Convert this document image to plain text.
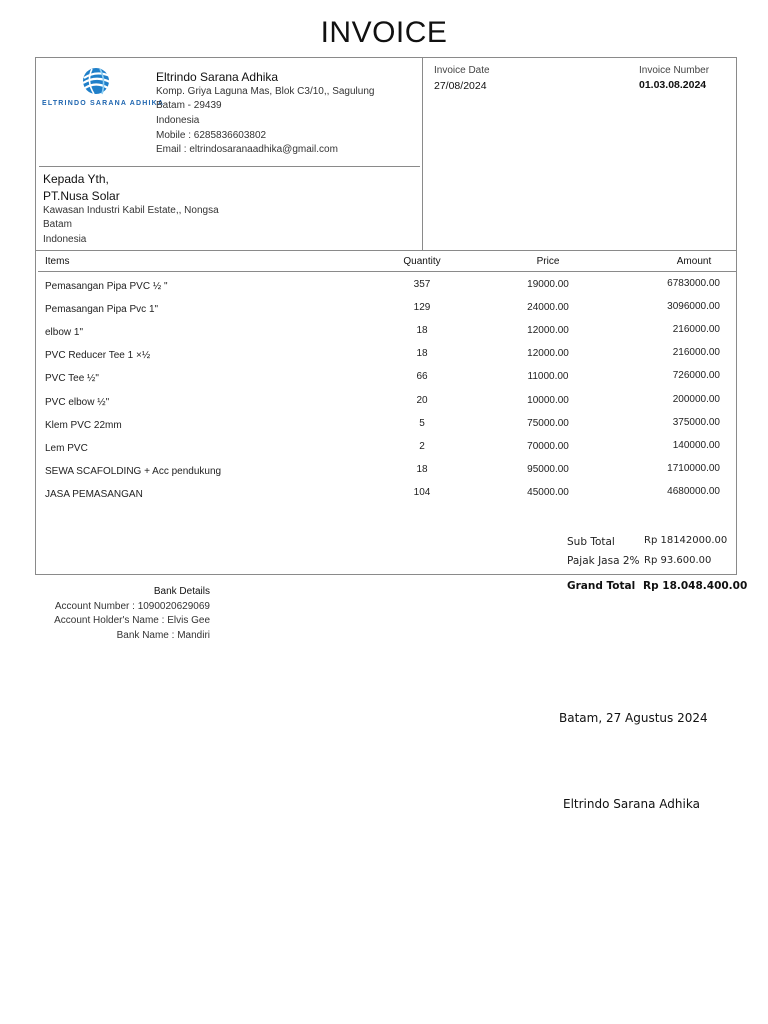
INVOICE
ELTRINDO SARANA ADHIKA
Eltrindo Sarana Adhika
Komp. Griya Laguna Mas, Blok C3/10,, Sagulung
Batam - 29439
Indonesia
Mobile : 6285836603802
Email : eltrindosaranaadhika@gmail.com
Invoice Date
27/08/2024
Invoice Number
01.03.08.2024
Kepada Yth,
PT.Nusa Solar
Kawasan Industri Kabil Estate,, Nongsa
Batam
Indonesia
Items	Quantity	Price	Amount
Pemasangan Pipa PVC ½ "	357	19000.00	6783000.00
Pemasangan Pipa Pvc 1"	129	24000.00	3096000.00
elbow 1"	18	12000.00	216000.00
PVC Reducer Tee 1 ×½	18	12000.00	216000.00
PVC Tee ½"	66	11000.00	726000.00
PVC elbow ½"	20	10000.00	200000.00
Klem PVC 22mm	5	75000.00	375000.00
Lem PVC	2	70000.00	140000.00
SEWA SCAFOLDING + Acc pendukung	18	95000.00	1710000.00
JASA PEMASANGAN	104	45000.00	4680000.00
Sub Total	Rp 18142000.00
Pajak Jasa 2% Rp 93.600.00
Grand Total Rp 18.048.400.00
Bank Details
Account Number : 1090020629069
Account Holder's Name : Elvis Gee
Bank Name : Mandiri
Batam, 27 Agustus 2024
Eltrindo Sarana Adhika
